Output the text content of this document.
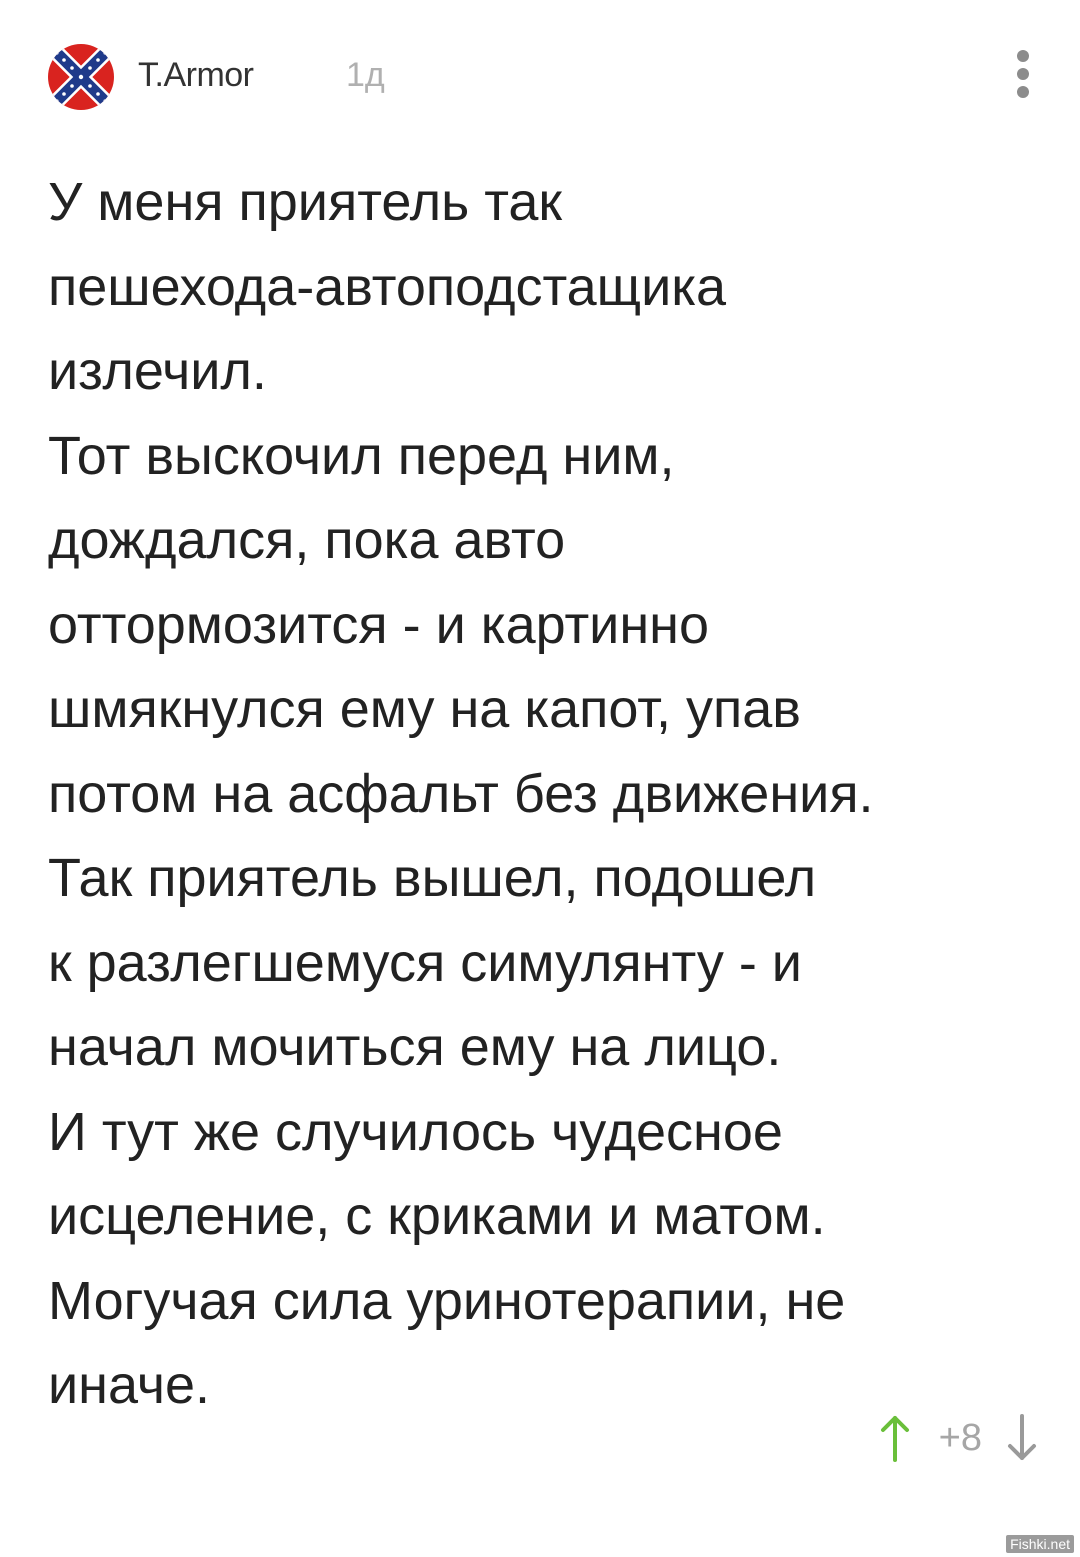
T.Armor	1д
У меня приятель так
пешехода-автоподстащика
излечил.
Тот выскочил перед ним,
дождался, пока авто
оттормозится - и картинно
шмякнулся ему на капот, упав
потом на асфальт без движения.
Так приятель вышел, подошел
к разлегшемуся симулянту - и
начал мочиться ему на лицо.
И тут же случилось чудесное
исцеление, с криками и матом.
Могучая сила уринотерапии, не
иначе.
+8
Fishki.net
